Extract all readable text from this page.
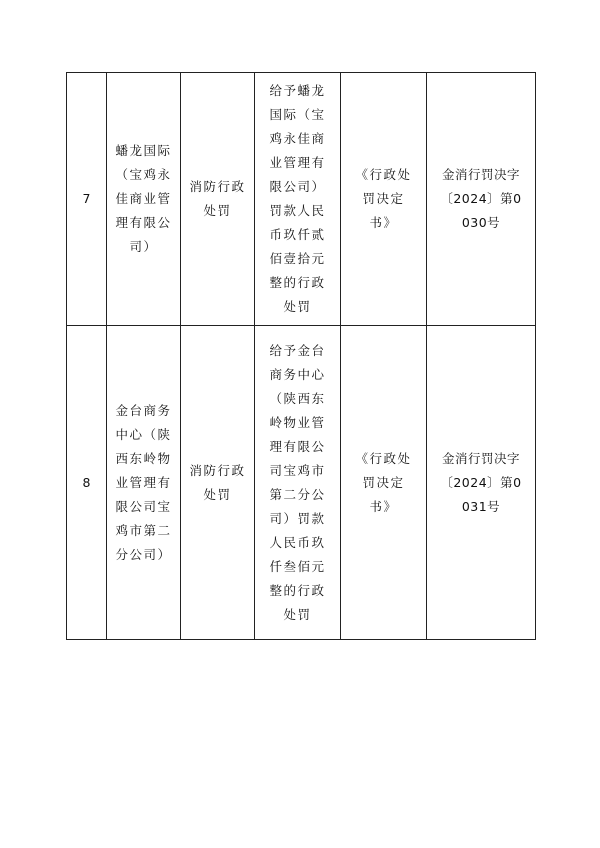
7	蟠龙国际（宝鸡永佳商业管理有限公司）	消防行政处罚	给予蟠龙国际（宝鸡永佳商业管理有限公司）罚款人民币玖仟贰佰壹拾元整的行政处罚	《行政处罚决定书》	金消行罚决字〔2024〕第0030号
8	金台商务中心（陕西东岭物业管理有限公司宝鸡市第二分公司）	消防行政处罚	给予金台商务中心（陕西东岭物业管理有限公司宝鸡市第二分公司）罚款人民币玖仟叁佰元整的行政处罚	《行政处罚决定书》	金消行罚决字〔2024〕第0031号
